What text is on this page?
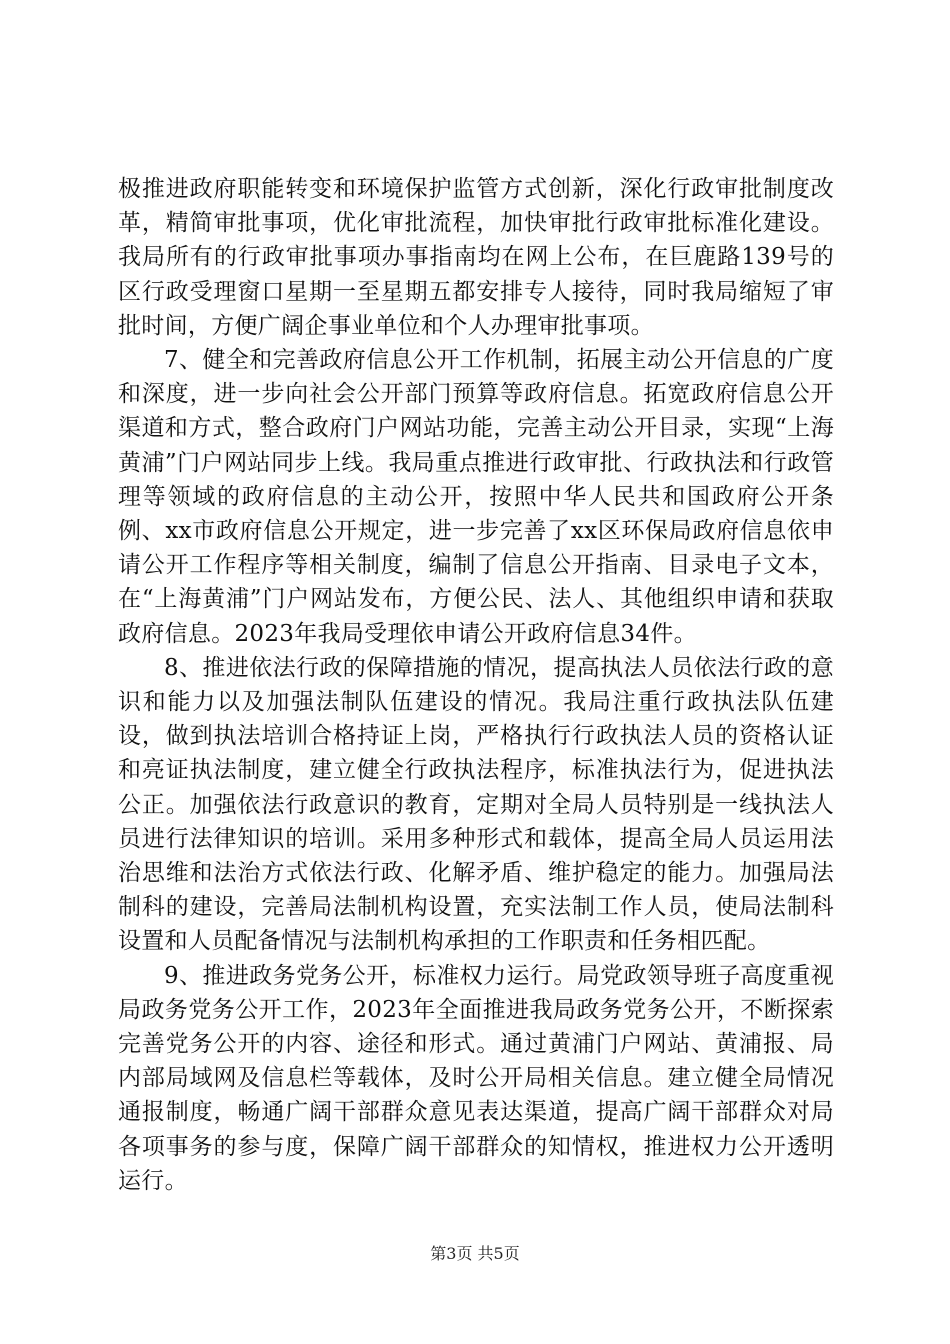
极推进政府职能转变和环境保护监管方式创新，深化行政审批制度改革，精简审批事项，优化审批流程，加快审批行政审批标准化建设。我局所有的行政审批事项办事指南均在网上公布，在巨鹿路139号的区行政受理窗口星期一至星期五都安排专人接待，同时我局缩短了审批时间，方便广阔企事业单位和个人办理审批事项。

7、健全和完善政府信息公开工作机制，拓展主动公开信息的广度和深度，进一步向社会公开部门预算等政府信息。拓宽政府信息公开渠道和方式，整合政府门户网站功能，完善主动公开目录，实现“上海黄浦”门户网站同步上线。我局重点推进行政审批、行政执法和行政管理等领域的政府信息的主动公开，按照中华人民共和国政府公开条例、xx市政府信息公开规定，进一步完善了xx区环保局政府信息依申请公开工作程序等相关制度，编制了信息公开指南、目录电子文本，在“上海黄浦”门户网站发布，方便公民、法人、其他组织申请和获取政府信息。2023年我局受理依申请公开政府信息34件。

8、推进依法行政的保障措施的情况，提高执法人员依法行政的意识和能力以及加强法制队伍建设的情况。我局注重行政执法队伍建设，做到执法培训合格持证上岗，严格执行行政执法人员的资格认证和亮证执法制度，建立健全行政执法程序，标准执法行为，促进执法公正。加强依法行政意识的教育，定期对全局人员特别是一线执法人员进行法律知识的培训。采用多种形式和载体，提高全局人员运用法治思维和法治方式依法行政、化解矛盾、维护稳定的能力。加强局法制科的建设，完善局法制机构设置，充实法制工作人员，使局法制科设置和人员配备情况与法制机构承担的工作职责和任务相匹配。

9、推进政务党务公开，标准权力运行。局党政领导班子高度重视局政务党务公开工作，2023年全面推进我局政务党务公开，不断探索完善党务公开的内容、途径和形式。通过黄浦门户网站、黄浦报、局内部局域网及信息栏等载体，及时公开局相关信息。建立健全局情况通报制度，畅通广阔干部群众意见表达渠道，提高广阔干部群众对局各项事务的参与度，保障广阔干部群众的知情权，推进权力公开透明运行。

第3页 共5页
